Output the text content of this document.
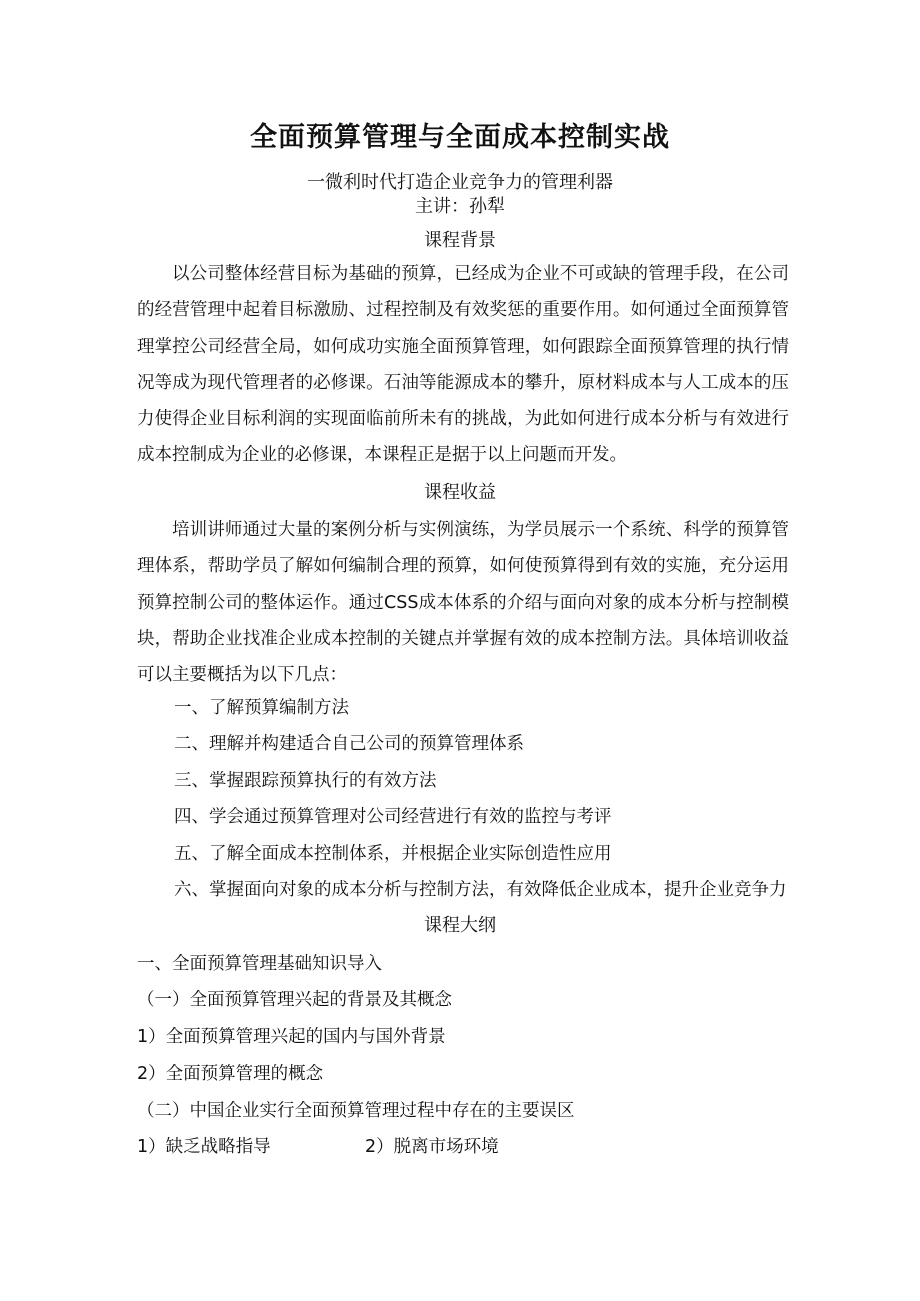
全面预算管理与全面成本控制实战
一微利时代打造企业竞争力的管理利器
主讲：孙犁
课程背景

以公司整体经营目标为基础的预算，已经成为企业不可或缺的管理手段，在公司的经营管理中起着目标激励、过程控制及有效奖惩的重要作用。如何通过全面预算管理掌控公司经营全局，如何成功实施全面预算管理，如何跟踪全面预算管理的执行情况等成为现代管理者的必修课。石油等能源成本的攀升，原材料成本与人工成本的压力使得企业目标利润的实现面临前所未有的挑战，为此如何进行成本分析与有效进行成本控制成为企业的必修课，本课程正是据于以上问题而开发。

课程收益

培训讲师通过大量的案例分析与实例演练，为学员展示一个系统、科学的预算管理体系，帮助学员了解如何编制合理的预算，如何使预算得到有效的实施，充分运用预算控制公司的整体运作。通过CSS成本体系的介绍与面向对象的成本分析与控制模块，帮助企业找准企业成本控制的关键点并掌握有效的成本控制方法。具体培训收益可以主要概括为以下几点：

一、了解预算编制方法
二、理解并构建适合自己公司的预算管理体系
三、掌握跟踪预算执行的有效方法
四、学会通过预算管理对公司经营进行有效的监控与考评
五、了解全面成本控制体系，并根据企业实际创造性应用
六、掌握面向对象的成本分析与控制方法，有效降低企业成本，提升企业竞争力
课程大纲
一、全面预算管理基础知识导入
（一）全面预算管理兴起的背景及其概念
1）全面预算管理兴起的国内与国外背景
2）全面预算管理的概念
（二）中国企业实行全面预算管理过程中存在的主要误区
1）缺乏战略指导	2）脱离市场环境
